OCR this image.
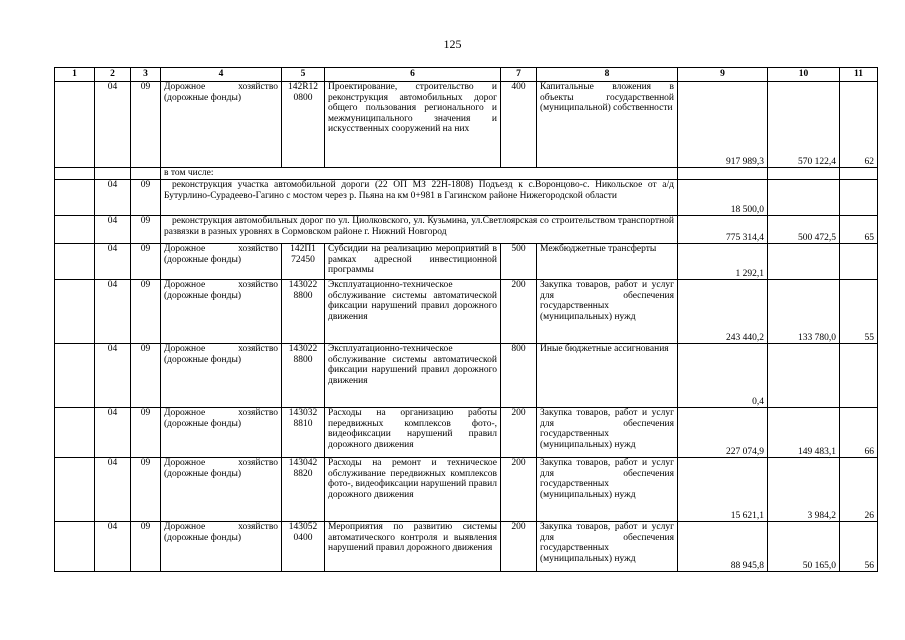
125
1	2	3	4	5	6	7	8	9	10	11
	04	09	Дорожное хозяйство (дорожные фонды)	142R12 0800	Проектирование, строительство и реконструкция автомобильных дорог общего пользования регионального и межмуниципального значения и искусственных сооружений на них	400	Капитальные вложения в объекты государственной (муниципальной) собственности	917 989,3	570 122,4	62
			в том числе:							
	04	09	реконструкция участка автомобильной дороги (22 ОП МЗ 22Н-1808) Подъезд к с.Воронцово-с. Никольское от а/д Бутурлино-Сурадеево-Гагино с мостом через р. Пьяна на км 0+981 в Гагинском районе Нижегородской области					18 500,0		
	04	09	реконструкция автомобильных дорог по ул. Циолковского, ул. Кузьмина, ул.Светлоярская со строительством транспортной развязки в разных уровнях в Сормовском районе г. Нижний Новгород					775 314,4	500 472,5	65
	04	09	Дорожное хозяйство (дорожные фонды)	142П1 72450	Субсидии на реализацию мероприятий в рамках адресной инвестиционной программы	500	Межбюджетные трансферты	1 292,1		
	04	09	Дорожное хозяйство (дорожные фонды)	143022 8800	Эксплуатационно-техническое обслуживание системы автоматической фиксации нарушений правил дорожного движения	200	Закупка товаров, работ и услуг для обеспечения государственных (муниципальных) нужд	243 440,2	133 780,0	55
	04	09	Дорожное хозяйство (дорожные фонды)	143022 8800	Эксплуатационно-техническое обслуживание системы автоматической фиксации нарушений правил дорожного движения	800	Иные бюджетные ассигнования	0,4		
	04	09	Дорожное хозяйство (дорожные фонды)	143032 8810	Расходы на организацию работы передвижных комплексов фото-, видеофиксации нарушений правил дорожного движения	200	Закупка товаров, работ и услуг для обеспечения государственных (муниципальных) нужд	227 074,9	149 483,1	66
	04	09	Дорожное хозяйство (дорожные фонды)	143042 8820	Расходы на ремонт и техническое обслуживание передвижных комплексов фото-, видеофиксации нарушений правил дорожного движения	200	Закупка товаров, работ и услуг для обеспечения государственных (муниципальных) нужд	15 621,1	3 984,2	26
	04	09	Дорожное хозяйство (дорожные фонды)	143052 0400	Мероприятия по развитию системы автоматического контроля и выявления нарушений правил дорожного движения	200	Закупка товаров, работ и услуг для обеспечения государственных (муниципальных) нужд	88 945,8	50 165,0	56
